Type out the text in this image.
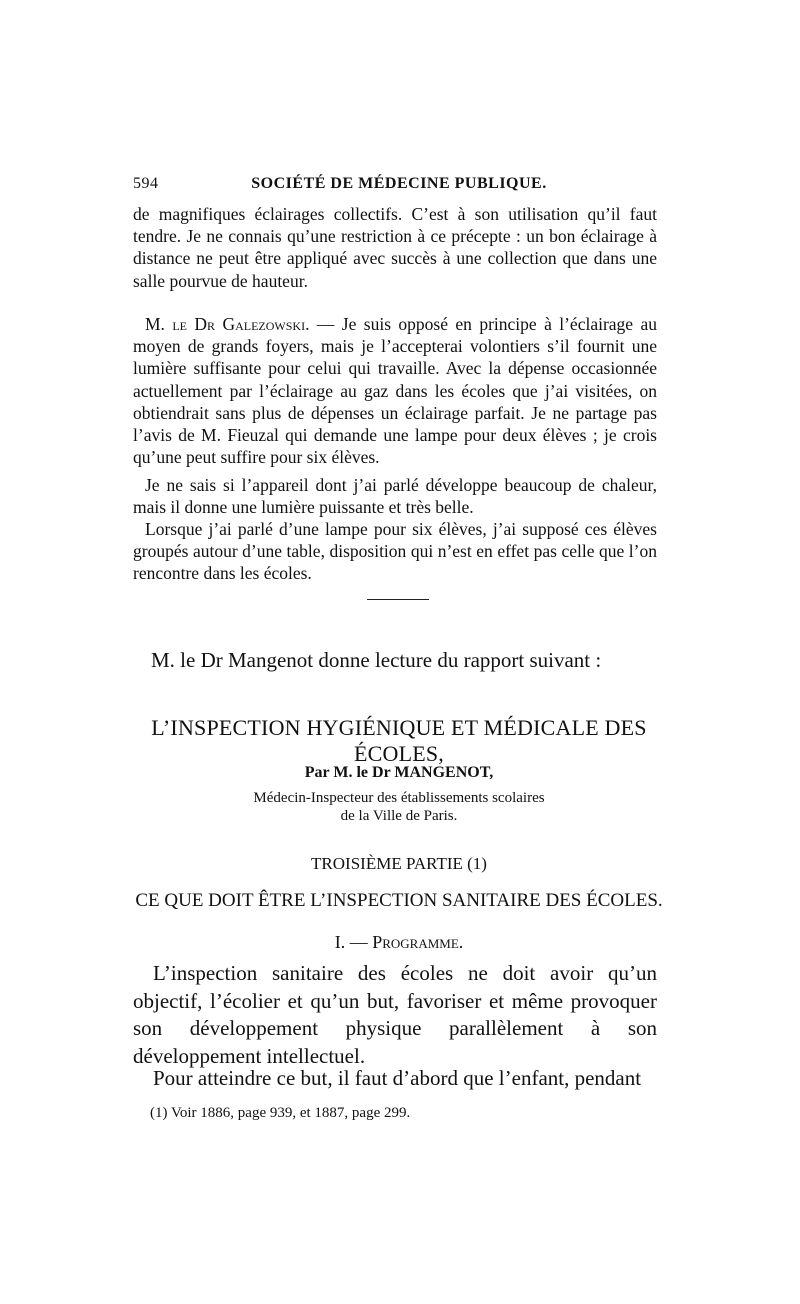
594	SOCIÉTÉ DE MÉDECINE PUBLIQUE.

de magnifiques éclairages collectifs. C’est à son utilisation qu’il faut tendre. Je ne connais qu’une restriction à ce précepte : un bon éclairage à distance ne peut être appliqué avec succès à une collection que dans une salle pourvue de hauteur.

M. le Dr Galezowski. — Je suis opposé en principe à l’éclairage au moyen de grands foyers, mais je l’accepterai volontiers s’il fournit une lumière suffisante pour celui qui travaille. Avec la dépense occasionnée actuellement par l’éclairage au gaz dans les écoles que j’ai visitées, on obtiendrait sans plus de dépenses un éclairage parfait. Je ne partage pas l’avis de M. Fieuzal qui demande une lampe pour deux élèves ; je crois qu’une peut suffire pour six élèves.

Je ne sais si l’appareil dont j’ai parlé développe beaucoup de chaleur, mais il donne une lumière puissante et très belle.

Lorsque j’ai parlé d’une lampe pour six élèves, j’ai supposé ces élèves groupés autour d’une table, disposition qui n’est en effet pas celle que l’on rencontre dans les écoles.

M. le Dr Mangenot donne lecture du rapport suivant :

L’INSPECTION HYGIÉNIQUE ET MÉDICALE DES ÉCOLES,

Par M. le Dr MANGENOT,

Médecin-Inspecteur des établissements scolaires

de la Ville de Paris.

TROISIÈME PARTIE (1)

CE QUE DOIT ÊTRE L’INSPECTION SANITAIRE DES ÉCOLES.

I. — Programme.

L’inspection sanitaire des écoles ne doit avoir qu’un objectif, l’écolier et qu’un but, favoriser et même provoquer son développement physique parallèlement à son développement intellectuel.

Pour atteindre ce but, il faut d’abord que l’enfant, pendant

(1) Voir 1886, page 939, et 1887, page 299.
